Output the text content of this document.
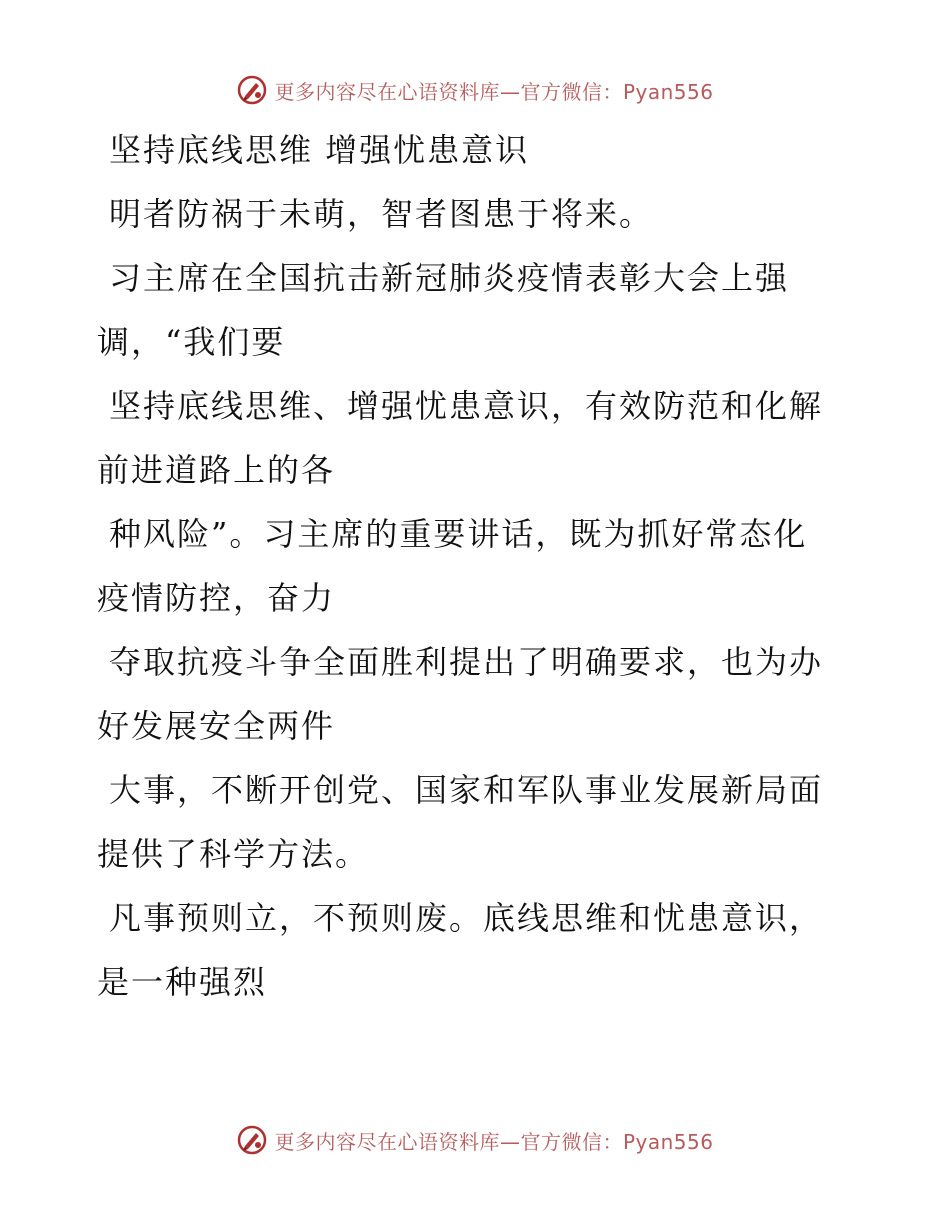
更多内容尽在心语资料库—官方微信：Pyan556

坚持底线思维 增强忧患意识

明者防祸于未萌，智者图患于将来。

习主席在全国抗击新冠肺炎疫情表彰大会上强调，“我们要

坚持底线思维、增强忧患意识，有效防范和化解前进道路上的各

种风险”。习主席的重要讲话，既为抓好常态化疫情防控，奋力

夺取抗疫斗争全面胜利提出了明确要求，也为办好发展安全两件

大事，不断开创党、国家和军队事业发展新局面提供了科学方法。

凡事预则立，不预则废。底线思维和忧患意识，是一种强烈

更多内容尽在心语资料库—官方微信：Pyan556
